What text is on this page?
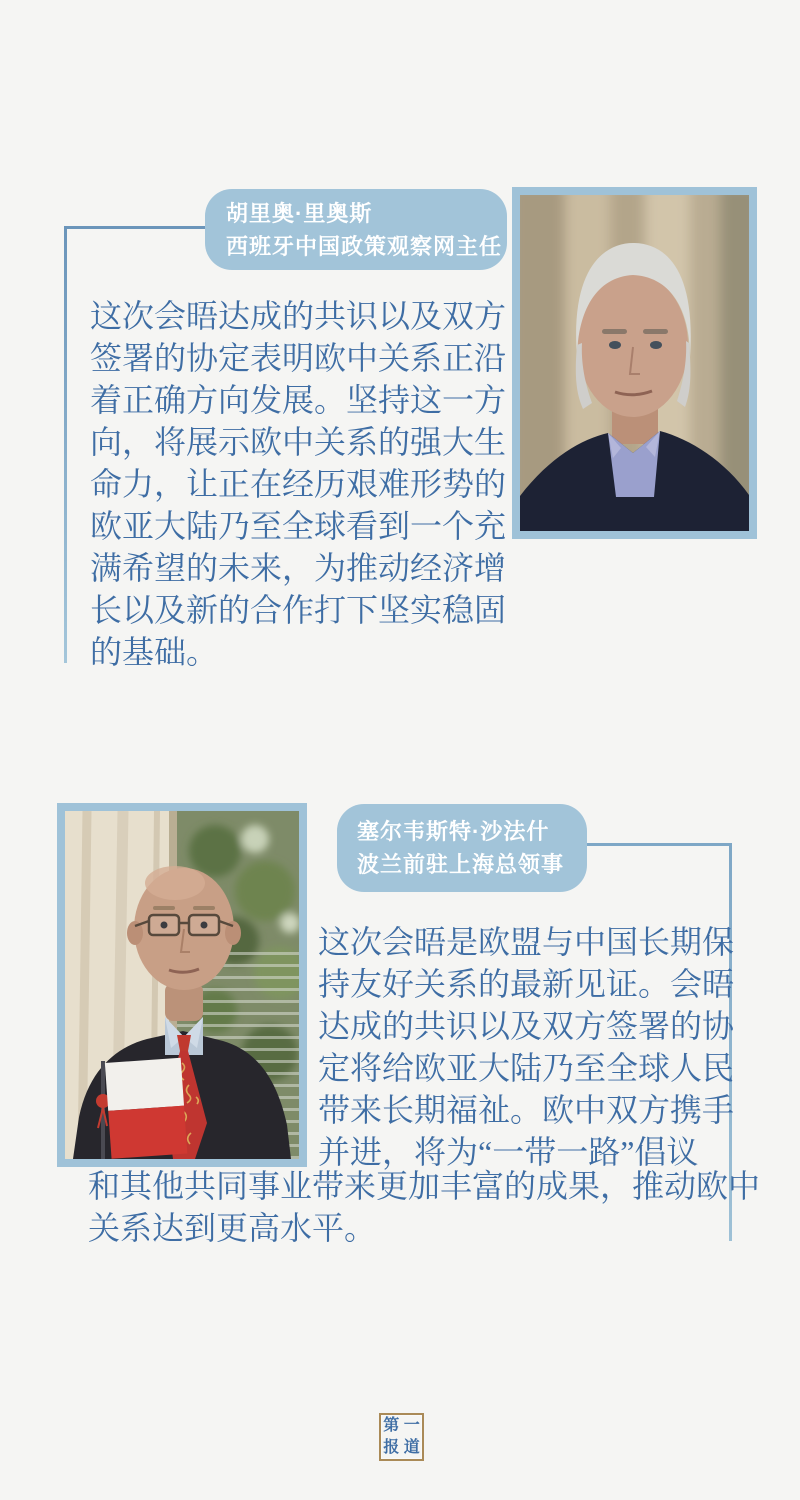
胡里奥·里奥斯
西班牙中国政策观察网主任
这次会晤达成的共识以及双方
签署的协定表明欧中关系正沿
着正确方向发展。坚持这一方
向，将展示欧中关系的强大生
命力，让正在经历艰难形势的
欧亚大陆乃至全球看到一个充
满希望的未来，为推动经济增
长以及新的合作打下坚实稳固
的基础。
塞尔韦斯特·沙法什
波兰前驻上海总领事
这次会晤是欧盟与中国长期保
持友好关系的最新见证。会晤
达成的共识以及双方签署的协
定将给欧亚大陆乃至全球人民
带来长期福祉。欧中双方携手
并进，将为“一带一路”倡议
和其他共同事业带来更加丰富的成果，推动欧中
关系达到更高水平。
第 一
报 道
